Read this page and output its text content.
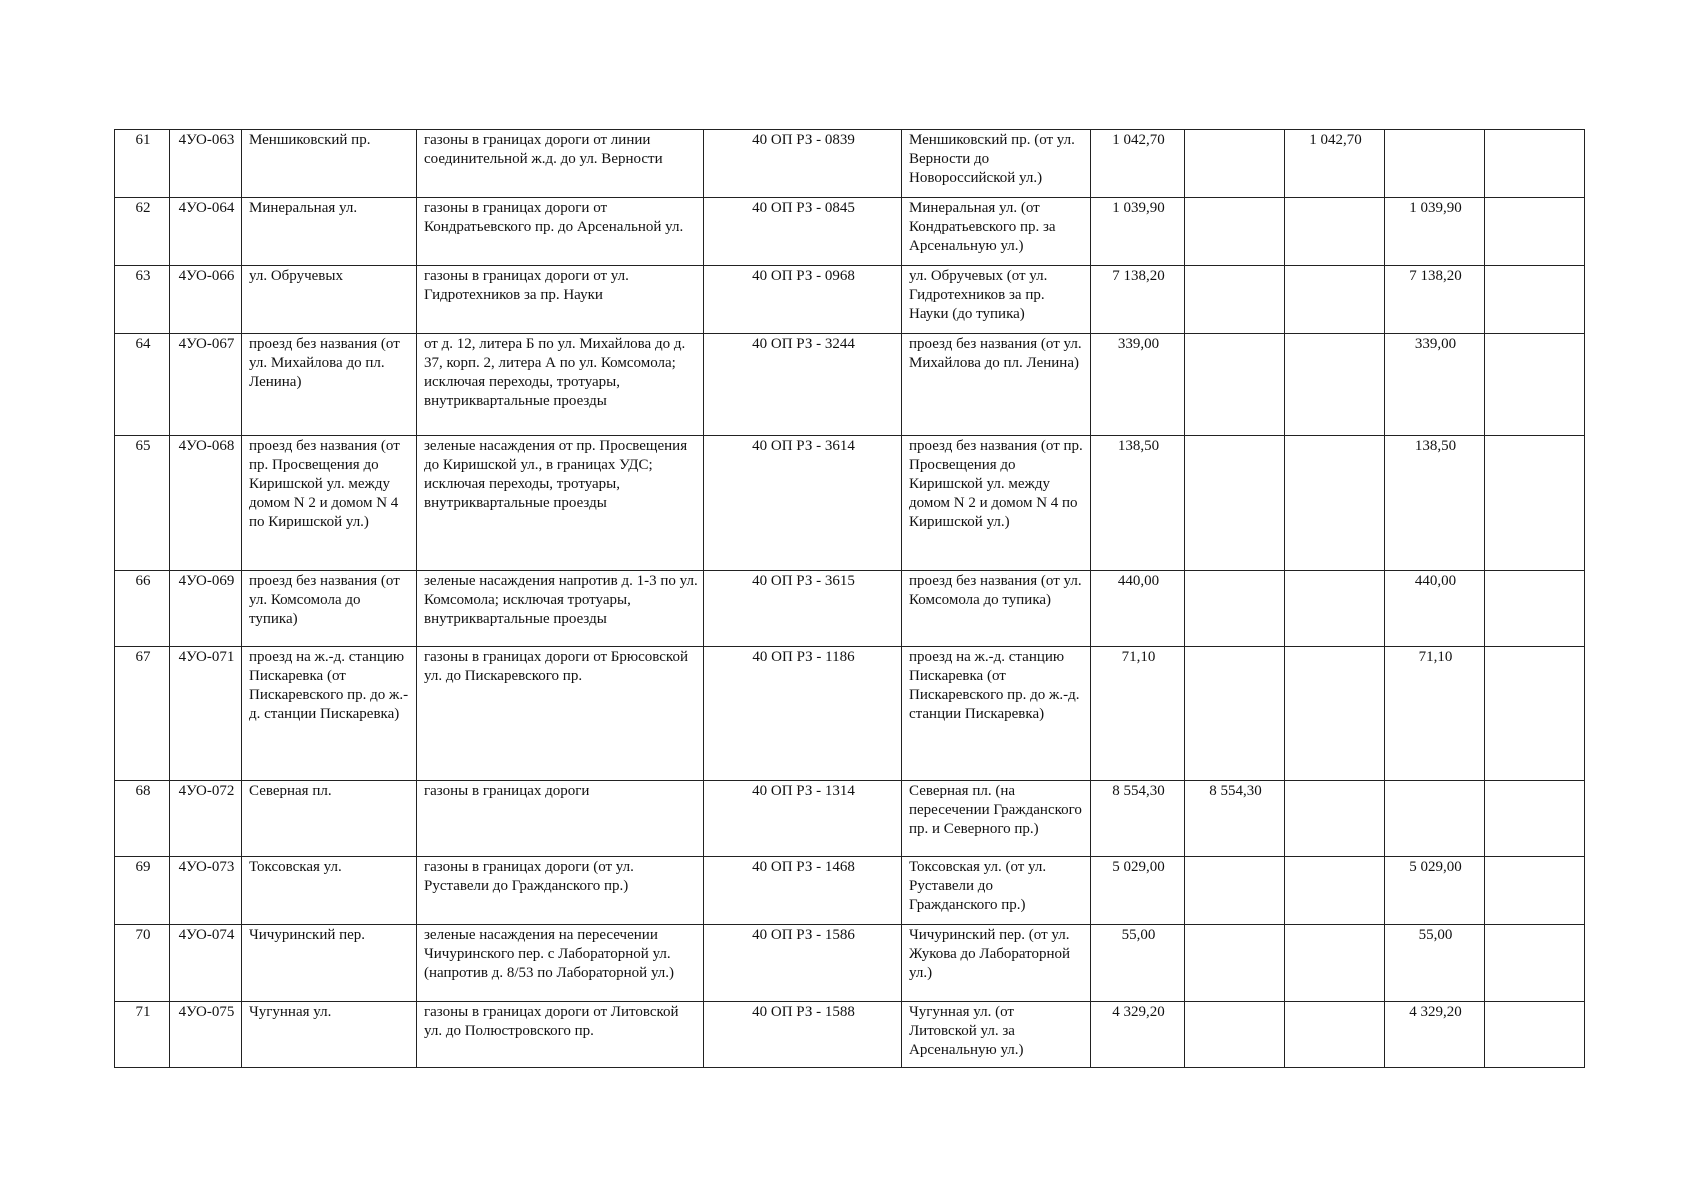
61	4УО-063	Меншиковский пр.	газоны в границах дороги от линии соединительной ж.д. до ул. Верности	40 ОП РЗ - 0839	Меншиковский пр. (от ул. Верности до Новороссийской ул.)	1 042,70		1 042,70		
62	4УО-064	Минеральная ул.	газоны в границах дороги от Кондратьевского пр. до Арсенальной ул.	40 ОП РЗ - 0845	Минеральная ул. (от Кондратьевского пр. за Арсенальную ул.)	1 039,90			1 039,90	
63	4УО-066	ул. Обручевых	газоны в границах дороги от ул. Гидротехников за пр. Науки	40 ОП РЗ - 0968	ул. Обручевых (от ул. Гидротехников за пр. Науки (до тупика)	7 138,20			7 138,20	
64	4УО-067	проезд без названия (от ул. Михайлова до пл. Ленина)	от д. 12, литера Б по ул. Михайлова до д. 37, корп. 2, литера А по ул. Комсомола; исключая переходы, тротуары, внутриквартальные проезды	40 ОП РЗ - 3244	проезд без названия (от ул. Михайлова до пл. Ленина)	339,00			339,00	
65	4УО-068	проезд без названия (от пр. Просвещения до Киришской ул. между домом N 2 и домом N 4 по Киришской ул.)	зеленые насаждения от пр. Просвещения до Киришской ул., в границах УДС; исключая переходы, тротуары, внутриквартальные проезды	40 ОП РЗ - 3614	проезд без названия (от пр. Просвещения до Киришской ул. между домом N 2 и домом N 4 по Киришской ул.)	138,50			138,50	
66	4УО-069	проезд без названия (от ул. Комсомола до тупика)	зеленые насаждения напротив д. 1-3 по ул. Комсомола; исключая тротуары, внутриквартальные проезды	40 ОП РЗ - 3615	проезд без названия (от ул. Комсомола до тупика)	440,00			440,00	
67	4УО-071	проезд на ж.-д. станцию Пискаревка (от Пискаревского пр. до ж.-д. станции Пискаревка)	газоны в границах дороги от Брюсовской ул. до Пискаревского пр.	40 ОП РЗ - 1186	проезд на ж.-д. станцию Пискаревка (от Пискаревского пр. до ж.-д. станции Пискаревка)	71,10			71,10	
68	4УО-072	Северная пл.	газоны в границах дороги	40 ОП РЗ - 1314	Северная пл. (на пересечении Гражданского пр. и Северного пр.)	8 554,30	8 554,30			
69	4УО-073	Токсовская ул.	газоны в границах дороги (от ул. Руставели до Гражданского пр.)	40 ОП РЗ - 1468	Токсовская ул. (от ул. Руставели до Гражданского пр.)	5 029,00			5 029,00	
70	4УО-074	Чичуринский пер.	зеленые насаждения на пересечении Чичуринского пер. с Лабораторной ул. (напротив д. 8/53 по Лабораторной ул.)	40 ОП РЗ - 1586	Чичуринский пер. (от ул. Жукова до Лабораторной ул.)	55,00			55,00	
71	4УО-075	Чугунная ул.	газоны в границах дороги от Литовской ул. до Полюстровского пр.	40 ОП РЗ - 1588	Чугунная ул. (от Литовской ул. за Арсенальную ул.)	4 329,20			4 329,20	
